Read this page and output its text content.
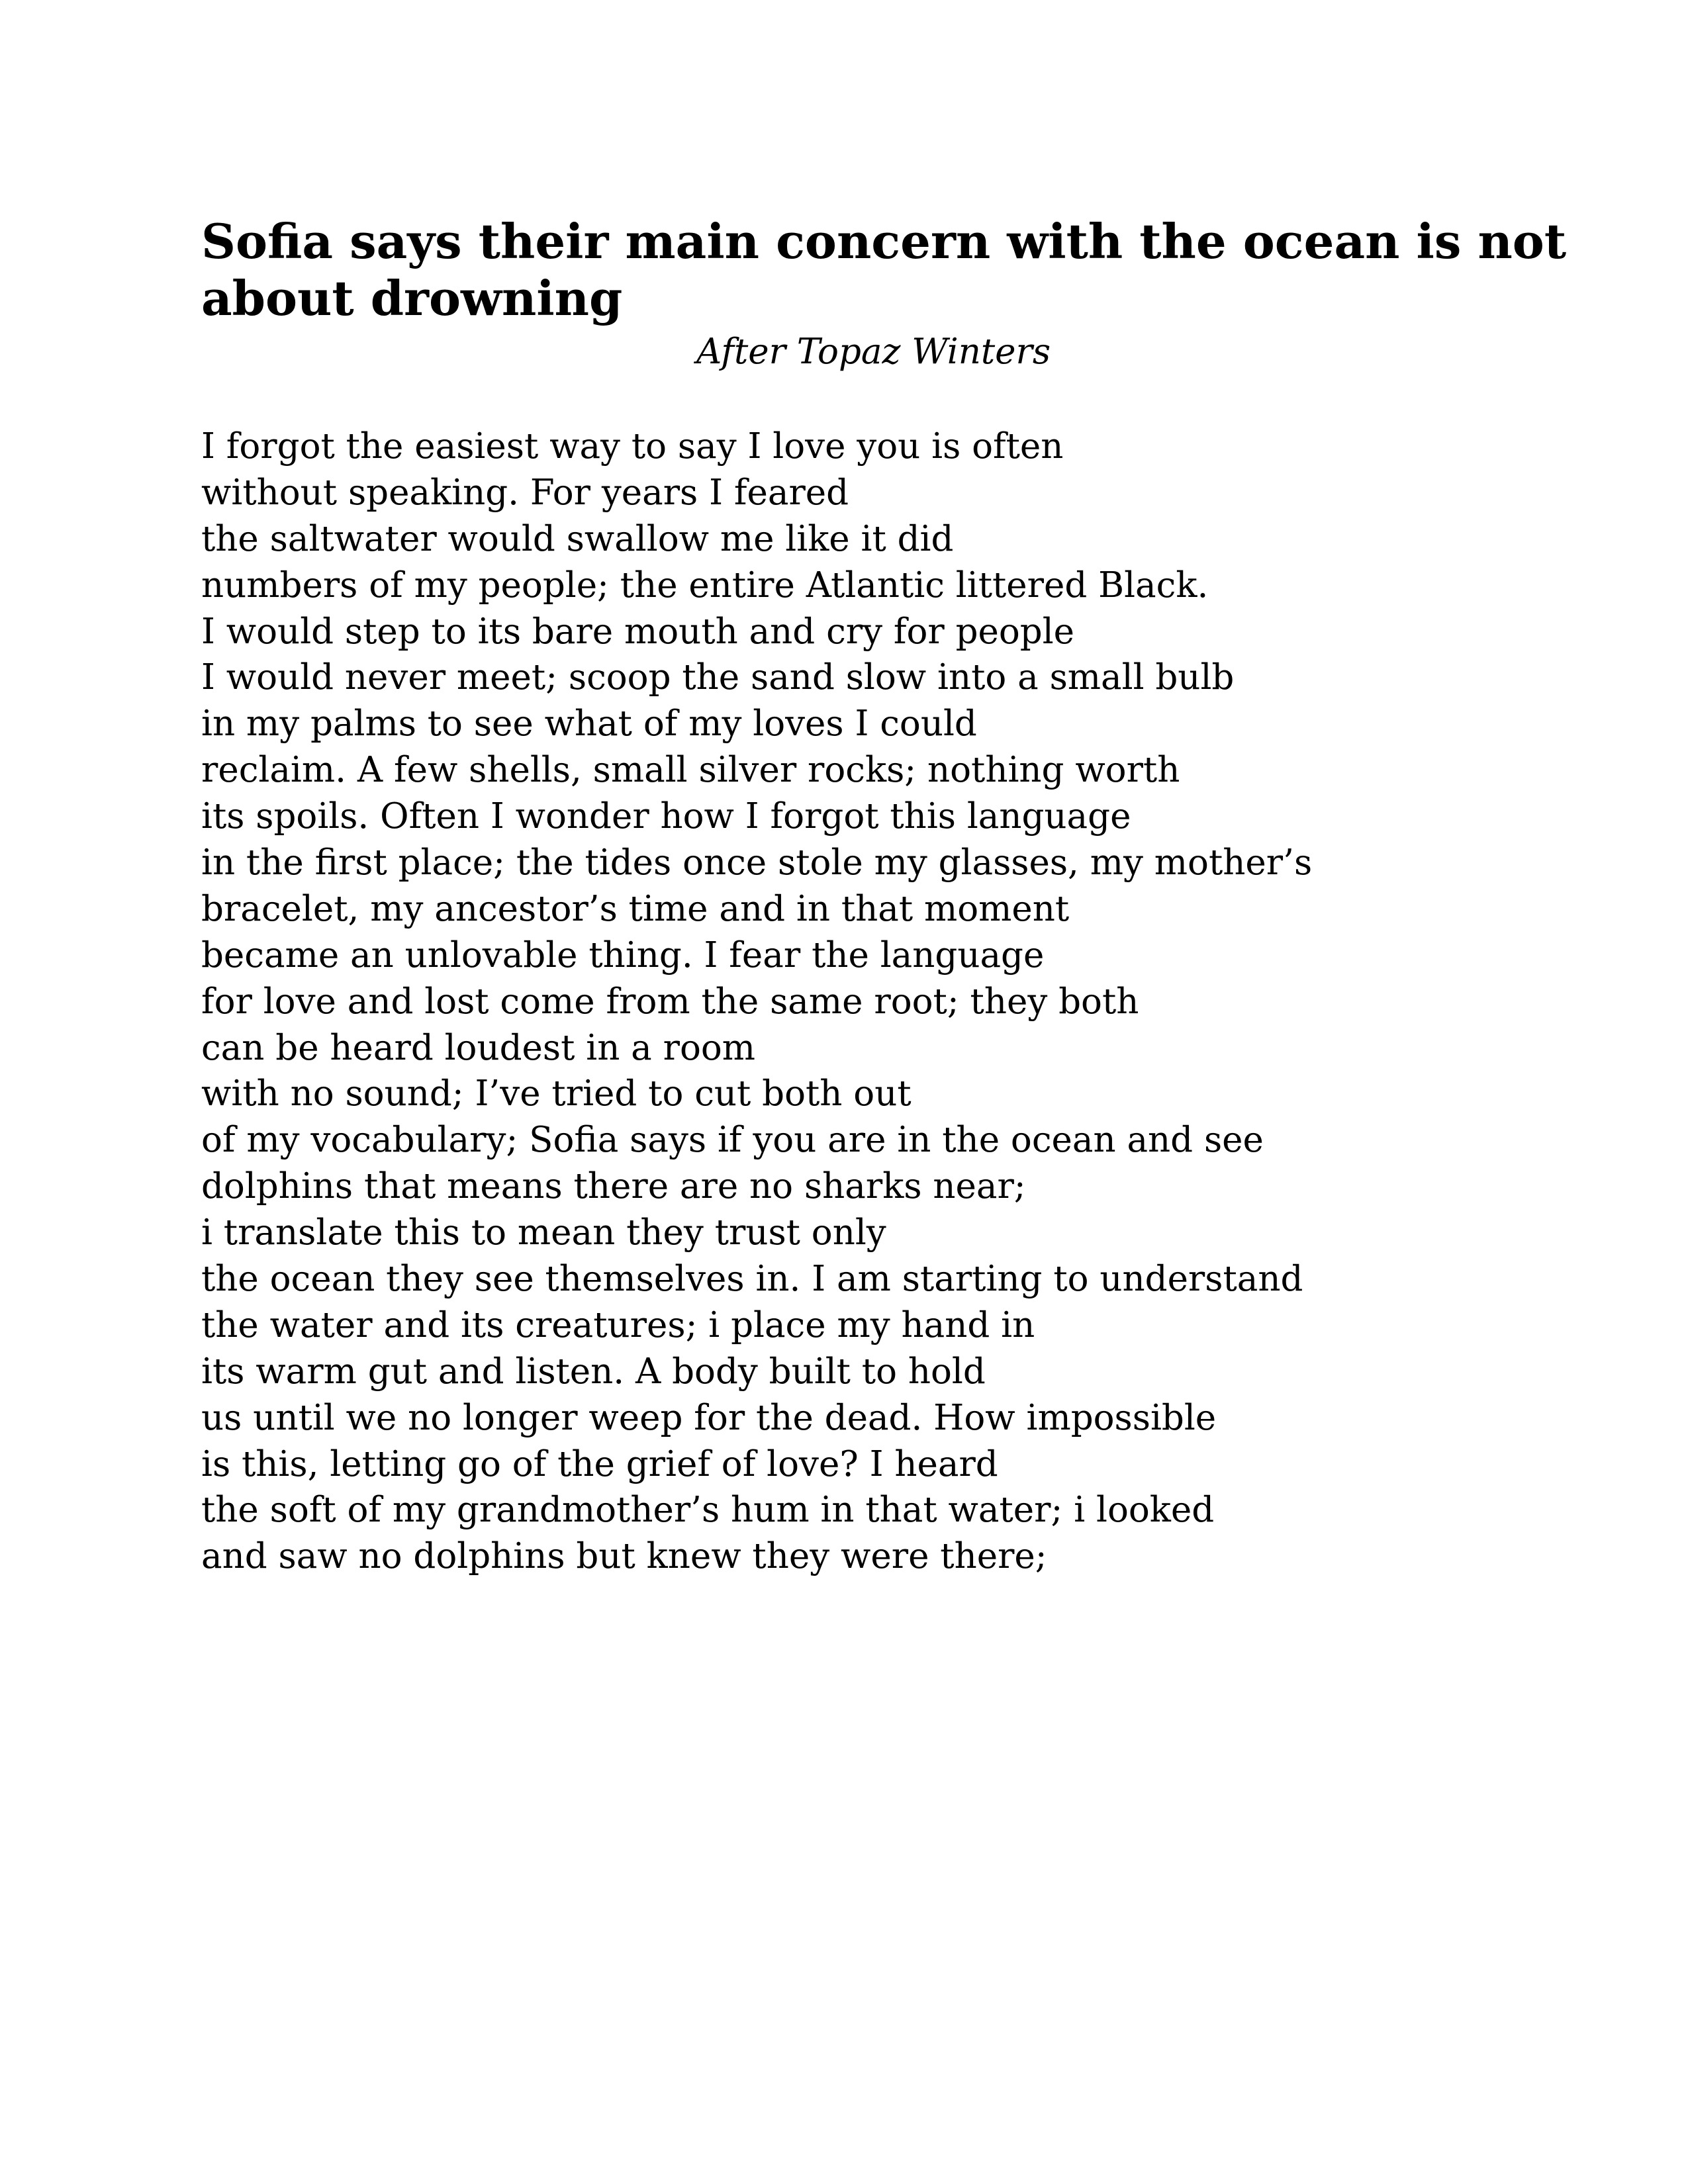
Sofia says their main concern with the ocean is not
about drowning

After Topaz Winters

I forgot the easiest way to say I love you is often
without speaking. For years I feared
the saltwater would swallow me like it did
numbers of my people; the entire Atlantic littered Black.
I would step to its bare mouth and cry for people
I would never meet; scoop the sand slow into a small bulb
in my palms to see what of my loves I could
reclaim. A few shells, small silver rocks; nothing worth
its spoils. Often I wonder how I forgot this language
in the first place; the tides once stole my glasses, my mother’s
bracelet, my ancestor’s time and in that moment
became an unlovable thing. I fear the language
for love and lost come from the same root; they both
can be heard loudest in a room
with no sound; I’ve tried to cut both out
of my vocabulary; Sofia says if you are in the ocean and see
dolphins that means there are no sharks near;
i translate this to mean they trust only
the ocean they see themselves in. I am starting to understand
the water and its creatures; i place my hand in
its warm gut and listen. A body built to hold
us until we no longer weep for the dead. How impossible
is this, letting go of the grief of love? I heard
the soft of my grandmother’s hum in that water; i looked
and saw no dolphins but knew they were there;
